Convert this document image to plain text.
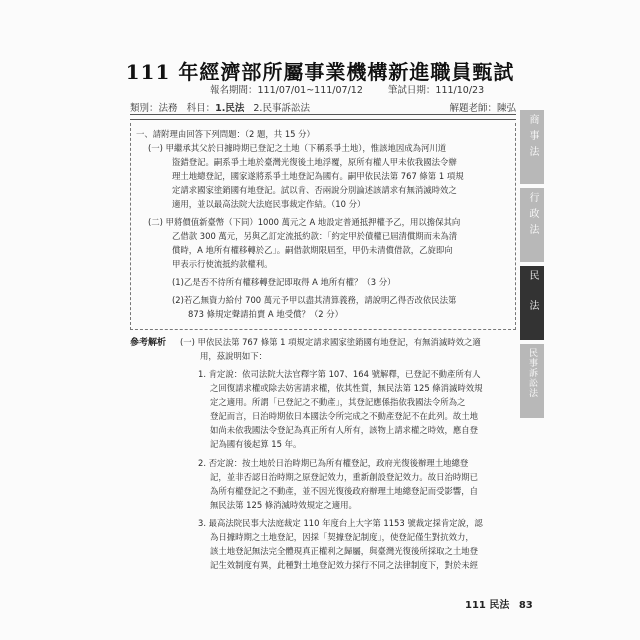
111 年經濟部所屬事業機構新進職員甄試
報名期間：111/07/01~111/07/12	筆試日期：111/10/23
類別：法務 科目：1.民法 2.民事訴訟法	解題老師：陳弘
一、請附理由回答下列問題：（2 題，共 15 分）
(一) 甲繼承其父於日據時期已登記之土地（下稱系爭土地），惟該地因成為河川道
盜錯登記。嗣系爭土地於臺灣光復後土地浮覆，原所有權人甲未依我國法令辦
理土地總登記，國家遂將系爭土地登記為國有。嗣甲依民法第 767 條第 1 項規
定請求國家塗銷國有地登記。試以肯、否兩說分別論述該請求有無消滅時效之
適用，並以最高法院大法庭民事裁定作結。（10 分）
(二) 甲將價值新臺幣（下同）1000 萬元之 A 地設定普通抵押權予乙，用以擔保其向
乙借款 300 萬元，另與乙訂定流抵約款：「約定甲於債權已屆清償期而未為清
償時，A 地所有權移轉於乙」。嗣借款期限屆至，甲仍未清償借款，乙旋即向
甲表示行使流抵約款權利。
(1)乙是否不待所有權移轉登記即取得 A 地所有權？（3 分）
(2)若乙無資力給付 700 萬元予甲以盡其清算義務，請說明乙得否改依民法第
873 條規定聲請拍賣 A 地受償？（2 分）
參考解析 (一) 甲依民法第 767 條第 1 項規定請求國家塗銷國有地登記，有無消滅時效之適
用，茲說明如下：
1. 肯定說：依司法院大法官釋字第 107、164 號解釋，已登記不動產所有人
之回復請求權或除去妨害請求權，依其性質，無民法第 125 條消滅時效規
定之適用。所謂「已登記之不動產」，其登記應係指依我國法令所為之
登記而言，日治時期依日本國法令所完成之不動產登記不在此列。故土地
如尚未依我國法令登記為真正所有人所有，該物上請求權之時效，應自登
記為國有後起算 15 年。
2. 否定說：按土地於日治時期已為所有權登記，政府光復後辦理土地總登
記，並非否認日治時期之原登記效力，重新創設登記效力。故日治時期已
為所有權登記之不動產，並不因光復後政府辦理土地總登記而受影響，自
無民法第 125 條消滅時效規定之適用。
3. 最高法院民事大法庭裁定 110 年度台上大字第 1153 號裁定採肯定說，認
為日據時期之土地登記，因採「契據登記制度」，使登記僅生對抗效力，
該土地登記無法完全體現真正權利之歸屬，與臺灣光復後所採取之土地登
記生效制度有異，此種對土地登記效力採行不同之法律制度下，對於未經
商事法
行政法
民法
民事訴訟法
111 民法 83
